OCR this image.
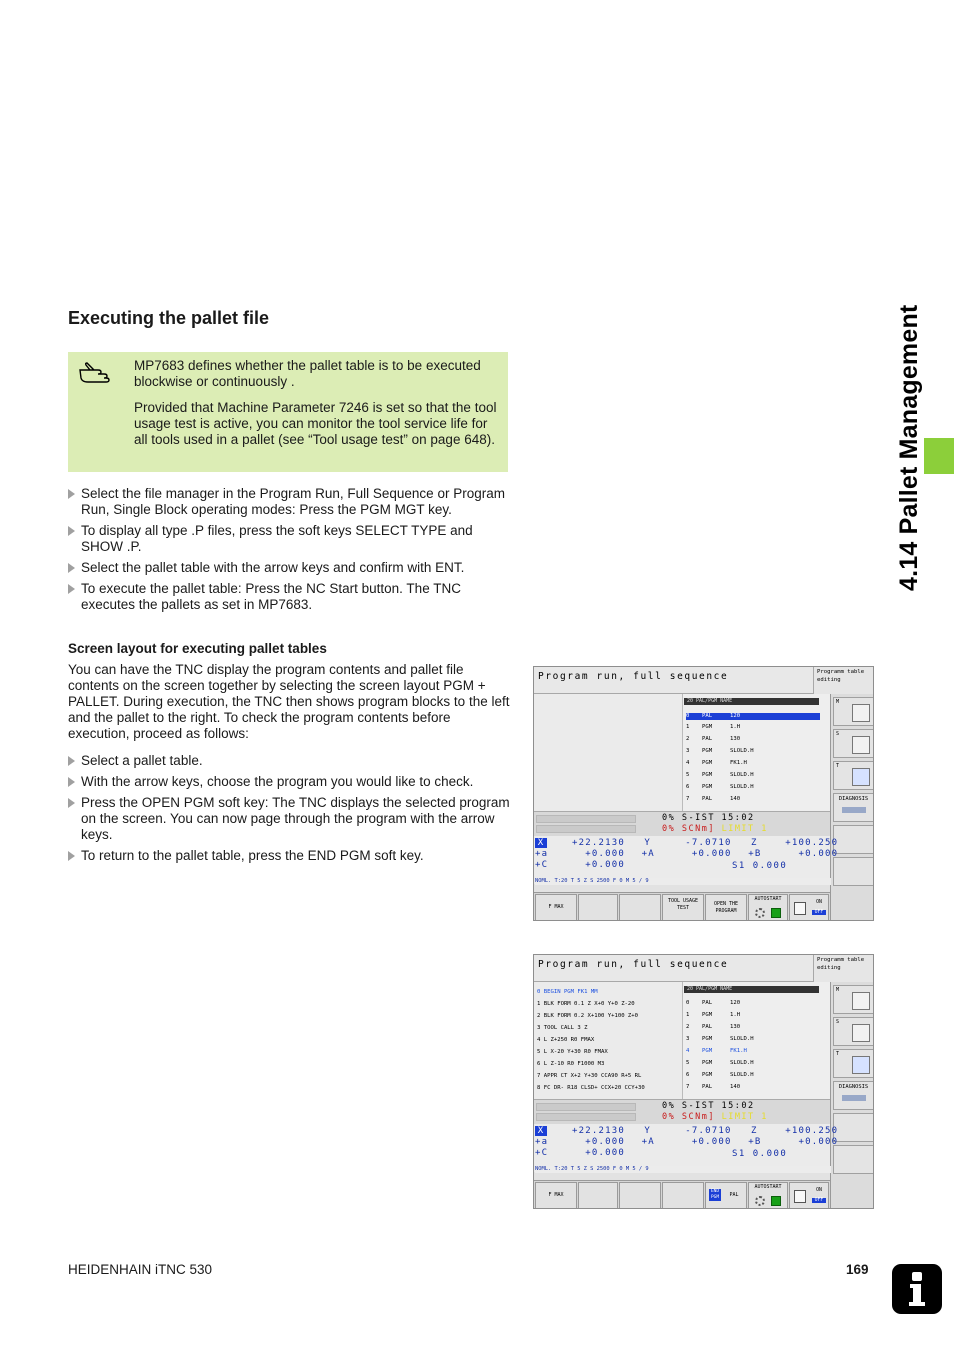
4.14 Pallet Management
Executing the pallet file

MP7683 defines whether the pallet table is to be executed blockwise or continuously .

Provided that Machine Parameter 7246 is set so that the tool usage test is active, you can monitor the tool service life for all tools used in a pallet (see “Tool usage test” on page 648).

Select the file manager in the Program Run, Full Sequence or Program Run, Single Block operating modes: Press the PGM MGT key.
To display all type .P files, press the soft keys SELECT TYPE and SHOW .P.
Select the pallet table with the arrow keys and confirm with ENT.
To execute the pallet table: Press the NC Start button. The TNC executes the pallets as set in MP7683.
Screen layout for executing pallet tables

You can have the TNC display the program contents and pallet file contents on the screen together by selecting the screen layout PGM + PALLET. During execution, the TNC then shows program blocks to the left and the pallet to the right. To check the program contents before execution, proceed as follows:

Select a pallet table.
With the arrow keys, choose the program you would like to check.
Press the OPEN PGM soft key: The TNC displays the selected program on the screen. You can now page through the program with the arrow keys.
To return to the pallet table, press the END PGM soft key.
Program run, full sequence	Programm table editing
20 PAL/PGM NAME
0 PAL	120
1 PGM	1.H
2 PAL	130
3 PGM	SLOLD.H
4 PGM	FK1.H
5 PGM	SLOLD.H
6 PGM	SLOLD.H
7 PAL	140
M
S
T
DIAGNOSIS
0% S-IST 15:02
0% SCNm] LIMIT 1
X	+22.2130 Y	-7.0710 Z	+100.250
+a	+0.000 +A	+0.000 +B	+0.000
+C	+0.000	S1 0.000
NOML. T:20 T 5 Z S 2500 F 0 M 5 / 9
F MAX
TOOL USAGE TEST
OPEN THE PROGRAM
AUTOSTART
ON
OFF
Program run, full sequence	Programm table editing
0 BEGIN PGM FK1 MM
1 BLK FORM 0.1 Z X+0 Y+0 Z-20
2 BLK FORM 0.2 X+100 Y+100 Z+0
3 TOOL CALL 3 Z
4 L Z+250 R0 FMAX
5 L X-20 Y+30 R0 FMAX
6 L Z-10 R0 F1000 M3
7 APPR CT X+2 Y+30 CCA90 R+5 RL
8 FC DR- R18 CLSD+ CCX+20 CCY+30
20 PAL/PGM NAME
0 PAL	120
1 PGM	1.H
2 PAL	130
3 PGM	SLOLD.H
4 PGM	FK1.H
5 PGM	SLOLD.H
6 PGM	SLOLD.H
7 PAL	140
M
S
T
DIAGNOSIS
0% S-IST 15:02
0% SCNm] LIMIT 1
X	+22.2130 Y	-7.0710 Z	+100.250
+a	+0.000 +A	+0.000 +B	+0.000
+C	+0.000	S1 0.000
NOML. T:20 T 5 Z S 2500 F 0 M 5 / 9
F MAX
END PGM	PAL
AUTOSTART
ON
OFF
HEIDENHAIN iTNC 530	169
